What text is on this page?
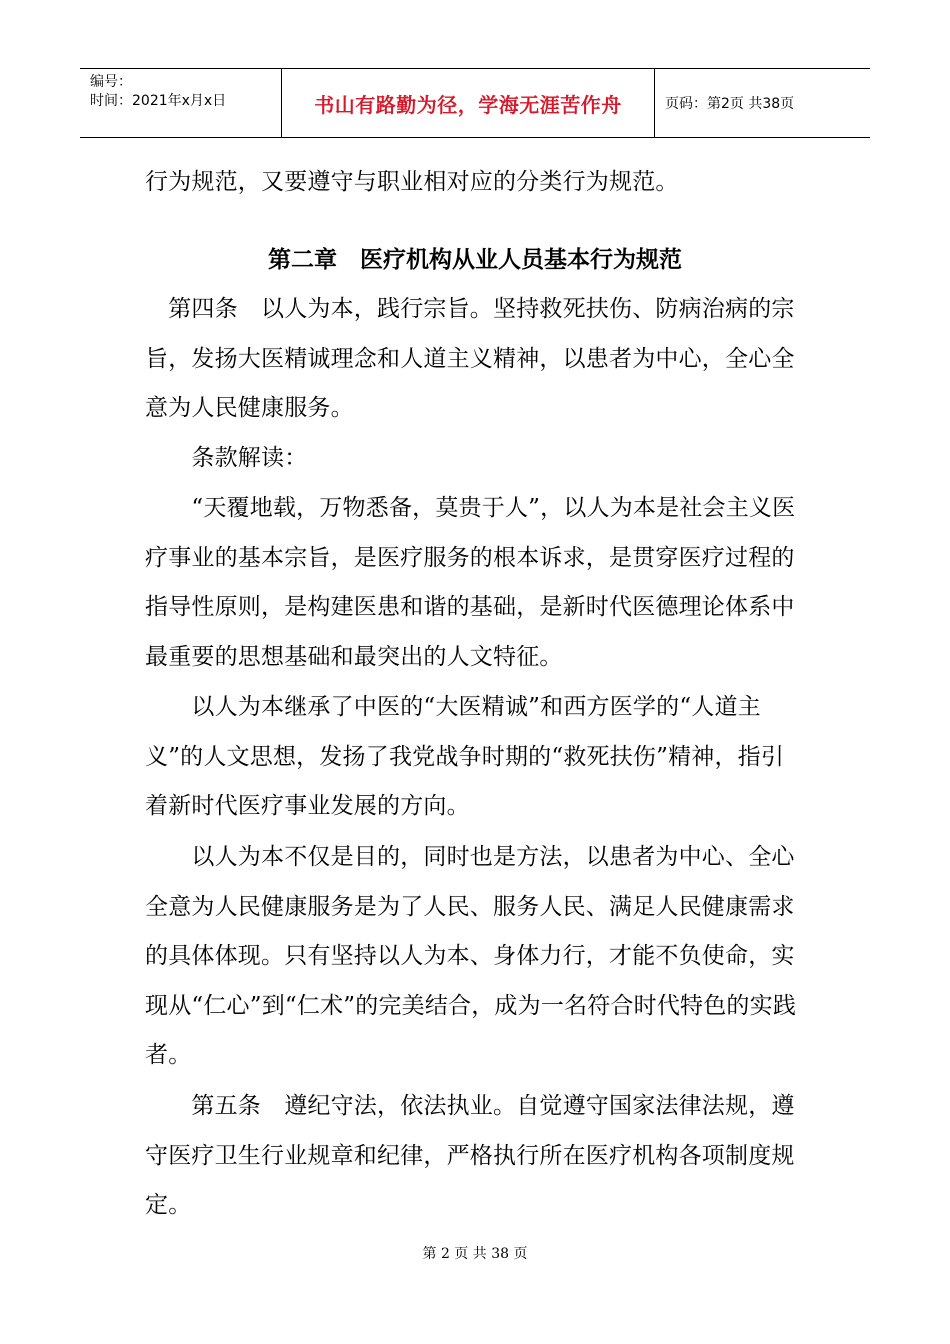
编号：
时间：2021年x月x日	书山有路勤为径，学海无涯苦作舟	页码：第2页 共38页

行为规范，又要遵守与职业相对应的分类行为规范。

第二章　医疗机构从业人员基本行为规范

　第四条　以人为本，践行宗旨。坚持救死扶伤、防病治病的宗旨，发扬大医精诚理念和人道主义精神，以患者为中心，全心全意为人民健康服务。

　　条款解读：

　　“天覆地载，万物悉备，莫贵于人”，以人为本是社会主义医疗事业的基本宗旨，是医疗服务的根本诉求，是贯穿医疗过程的指导性原则，是构建医患和谐的基础，是新时代医德理论体系中最重要的思想基础和最突出的人文特征。

　　以人为本继承了中医的“大医精诚”和西方医学的“人道主义”的人文思想，发扬了我党战争时期的“救死扶伤”精神，指引着新时代医疗事业发展的方向。

　　以人为本不仅是目的，同时也是方法，以患者为中心、全心全意为人民健康服务是为了人民、服务人民、满足人民健康需求的具体体现。只有坚持以人为本、身体力行，才能不负使命，实现从“仁心”到“仁术”的完美结合，成为一名符合时代特色的实践者。

　　第五条　遵纪守法，依法执业。自觉遵守国家法律法规，遵守医疗卫生行业规章和纪律，严格执行所在医疗机构各项制度规定。

第 2 页 共 38 页
